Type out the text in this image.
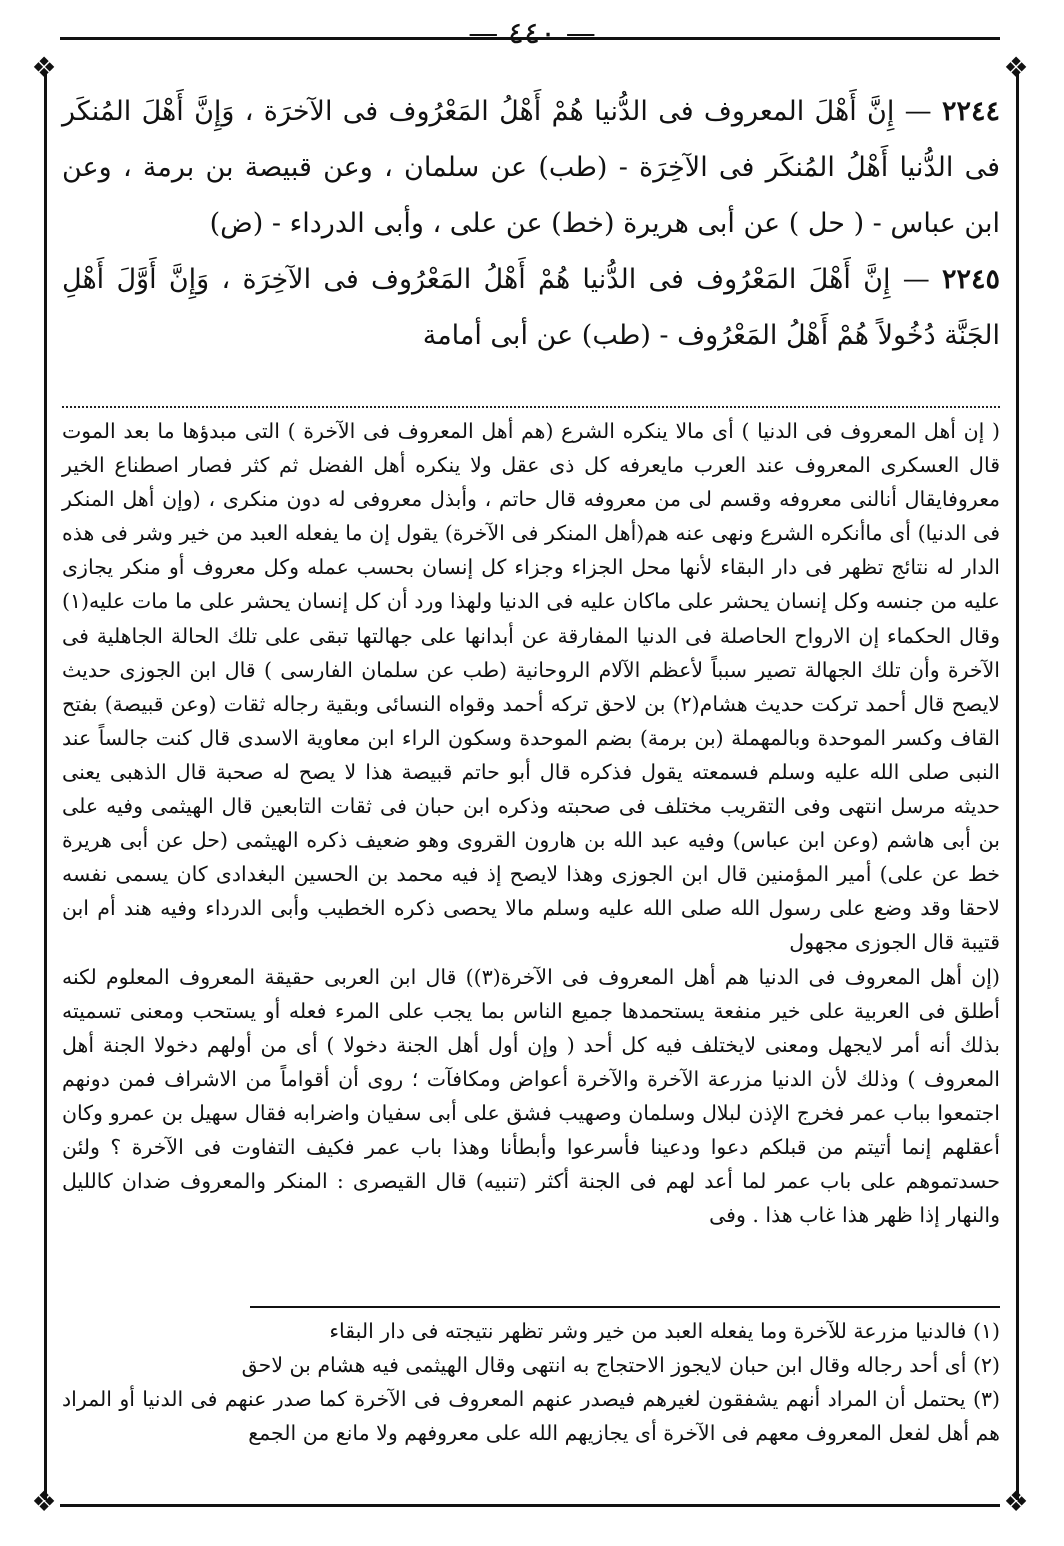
— ٤٤٠ —
❖	❖
❖	❖

٢٢٤٤ — إِنَّ أَهْلَ المعروف فى الدُّنيا هُمْ أَهْلُ المَعْرُوف فى الآخرَة ، وَإِنَّ أَهْلَ المُنكَر فى الدُّنيا أَهْلُ المُنكَر فى الآخِرَة - (طب) عن سلمان ، وعن قبيصة بن برمة ، وعن ابن عباس - ( حل ) عن أبى هريرة (خط) عن على ، وأبى الدرداء - (ض)

٢٢٤٥ — إِنَّ أَهْلَ المَعْرُوف فى الدُّنيا هُمْ أَهْلُ المَعْرُوف فى الآخِرَة ، وَإِنَّ أَوَّلَ أَهْلِ الجَنَّة دُخُولاً هُمْ أَهْلُ المَعْرُوف - (طب) عن أبى أمامة

( إن أهل المعروف فى الدنيا ) أى مالا ينكره الشرع (هم أهل المعروف فى الآخرة ) التى مبدؤها ما بعد الموت قال العسكرى المعروف عند العرب مايعرفه كل ذى عقل ولا ينكره أهل الفضل ثم كثر فصار اصطناع الخير معروفايقال أنالنى معروفه وقسم لى من معروفه قال حاتم ، وأبذل معروفى له دون منكرى ، (وإن أهل المنكر فى الدنيا) أى ماأنكره الشرع ونهى عنه هم(أهل المنكر فى الآخرة) يقول إن ما يفعله العبد من خير وشر فى هذه الدار له نتائج تظهر فى دار البقاء لأنها محل الجزاء وجزاء كل إنسان بحسب عمله وكل معروف أو منكر يجازى عليه من جنسه وكل إنسان يحشر على ماكان عليه فى الدنيا ولهذا ورد أن كل إنسان يحشر على ما مات عليه(١) وقال الحكماء إن الارواح الحاصلة فى الدنيا المفارقة عن أبدانها على جهالتها تبقى على تلك الحالة الجاهلية فى الآخرة وأن تلك الجهالة تصير سبباً لأعظم الآلام الروحانية (طب عن سلمان الفارسى ) قال ابن الجوزى حديث لايصح قال أحمد تركت حديث هشام(٢) بن لاحق تركه أحمد وقواه النسائى وبقية رجاله ثقات (وعن قبيصة) بفتح القاف وكسر الموحدة وبالمهملة (بن برمة) بضم الموحدة وسكون الراء ابن معاوية الاسدى قال كنت جالساً عند النبى صلى الله عليه وسلم فسمعته يقول فذكره قال أبو حاتم قبيصة هذا لا يصح له صحبة قال الذهبى يعنى حديثه مرسل انتهى وفى التقريب مختلف فى صحبته وذكره ابن حبان فى ثقات التابعين قال الهيثمى وفيه على بن أبى هاشم (وعن ابن عباس) وفيه عبد الله بن هارون القروى وهو ضعيف ذكره الهيثمى (حل عن أبى هريرة خط عن على) أمير المؤمنين قال ابن الجوزى وهذا لايصح إذ فيه محمد بن الحسين البغدادى كان يسمى نفسه لاحقا وقد وضع على رسول الله صلى الله عليه وسلم مالا يحصى ذكره الخطيب وأبى الدرداء وفيه هند أم ابن قتيبة قال الجوزى مجهول

(إن أهل المعروف فى الدنيا هم أهل المعروف فى الآخرة(٣)) قال ابن العربى حقيقة المعروف المعلوم لكنه أطلق فى العربية على خير منفعة يستحمدها جميع الناس بما يجب على المرء فعله أو يستحب ومعنى تسميته بذلك أنه أمر لايجهل ومعنى لايختلف فيه كل أحد ( وإن أول أهل الجنة دخولا ) أى من أولهم دخولا الجنة أهل المعروف ) وذلك لأن الدنيا مزرعة الآخرة والآخرة أعواض ومكافآت ؛ روى أن أقواماً من الاشراف فمن دونهم اجتمعوا بباب عمر فخرج الإذن لبلال وسلمان وصهيب فشق على أبى سفيان واضرابه فقال سهيل بن عمرو وكان أعقلهم إنما أتيتم من قبلكم دعوا ودعينا فأسرعوا وأبطأنا وهذا باب عمر فكيف التفاوت فى الآخرة ؟ ولئن حسدتموهم على باب عمر لما أعد لهم فى الجنة أكثر (تنبيه) قال القيصرى : المنكر والمعروف ضدان كالليل والنهار إذا ظهر هذا غاب هذا . وفى

(١) فالدنيا مزرعة للآخرة وما يفعله العبد من خير وشر تظهر نتيجته فى دار البقاء

(٢) أى أحد رجاله وقال ابن حبان لايجوز الاحتجاج به انتهى وقال الهيثمى فيه هشام بن لاحق

(٣) يحتمل أن المراد أنهم يشفقون لغيرهم فيصدر عنهم المعروف فى الآخرة كما صدر عنهم فى الدنيا أو المراد هم أهل لفعل المعروف معهم فى الآخرة أى يجازيهم الله على معروفهم ولا مانع من الجمع
